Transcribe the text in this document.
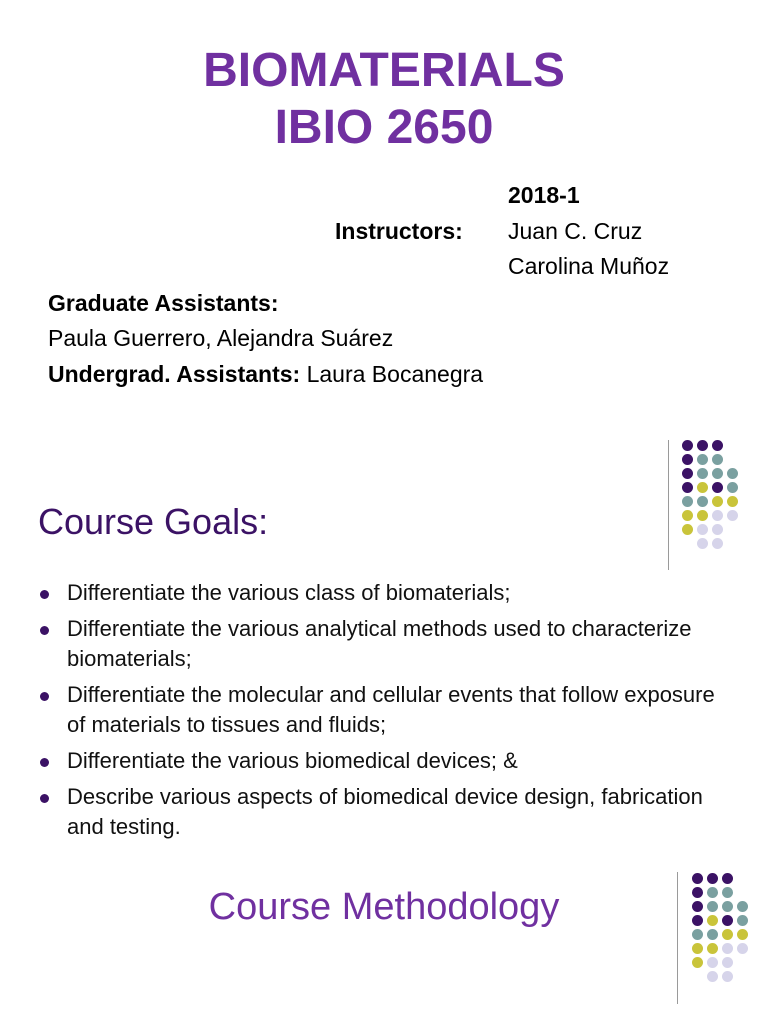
BIOMATERIALS
IBIO 2650
2018-1
Instructors: Juan C. Cruz
Carolina Muñoz
Graduate Assistants:
Paula Guerrero, Alejandra Suárez
Undergrad. Assistants: Laura Bocanegra
Course Goals:
Differentiate the various class of biomaterials;
Differentiate the various analytical methods used to characterize biomaterials;
Differentiate the molecular and cellular events that follow exposure of materials to tissues and fluids;
Differentiate the various biomedical devices; &
Describe various aspects of biomedical device design, fabrication and testing.
Course Methodology
